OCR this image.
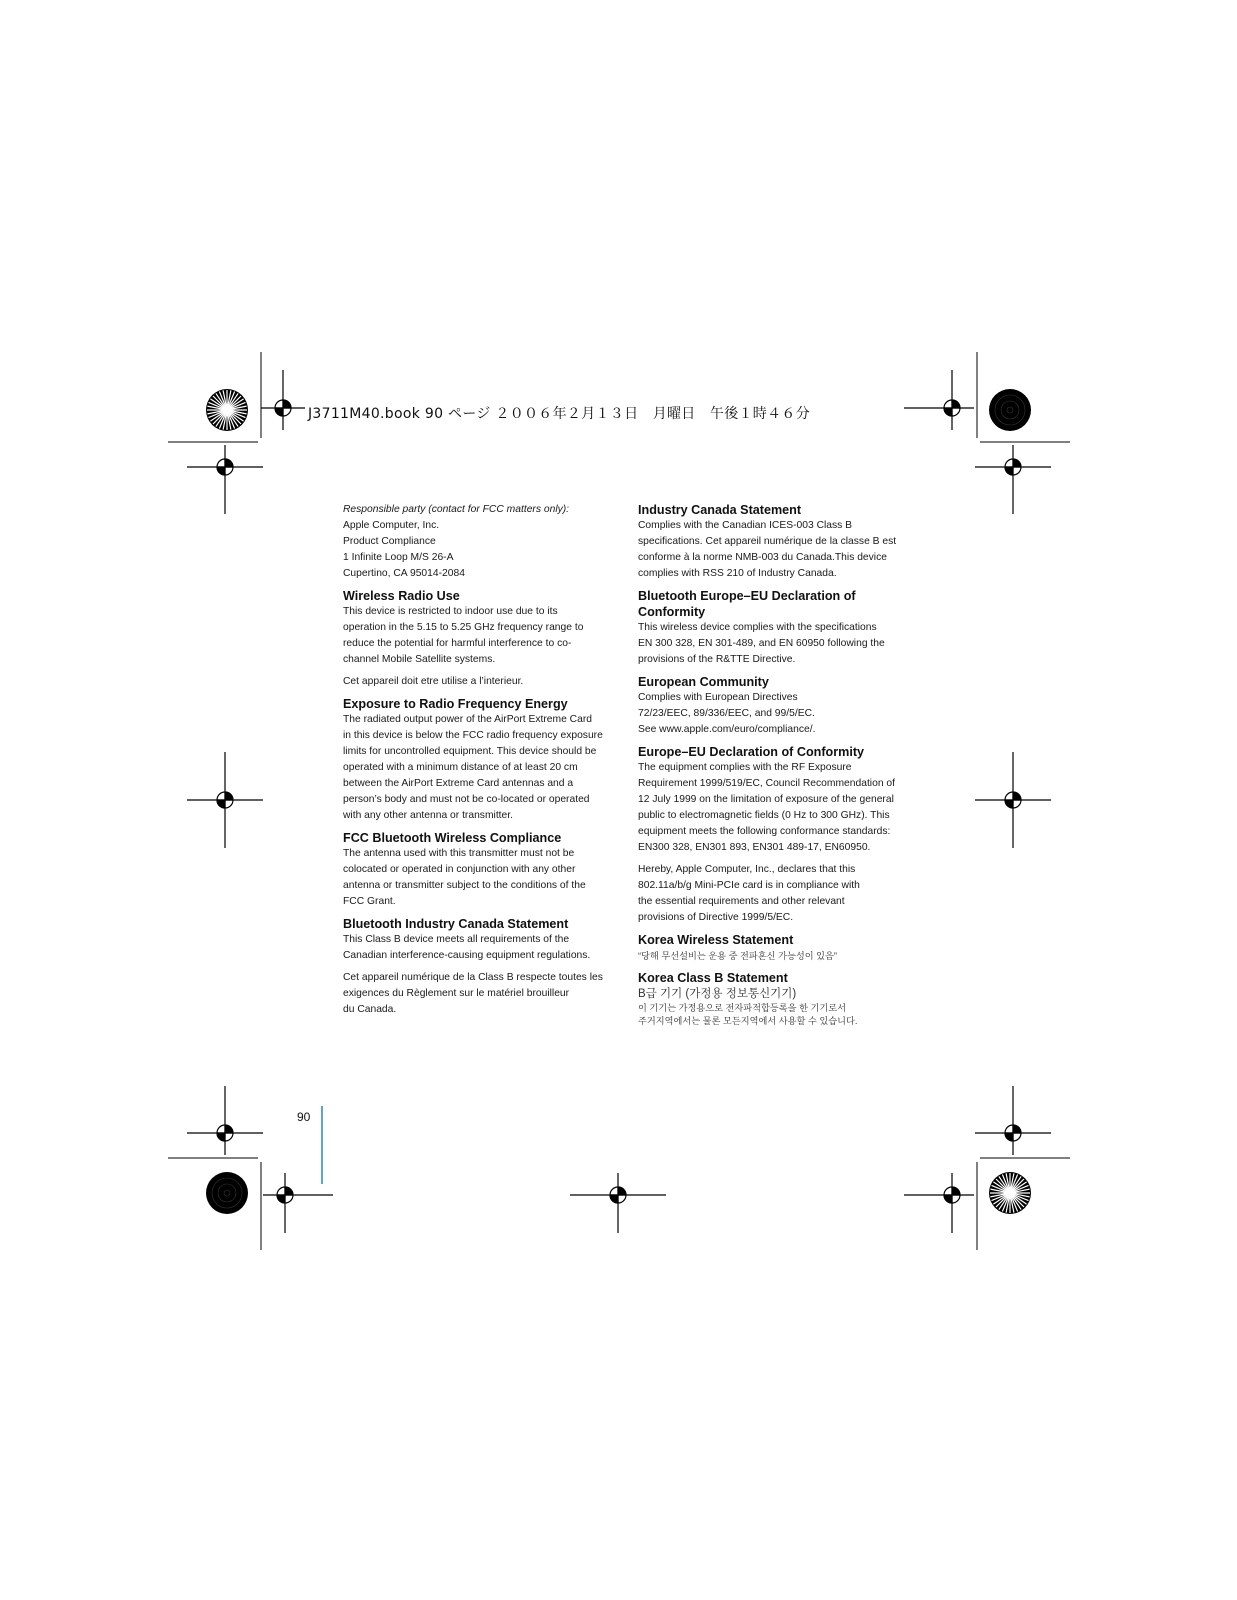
J3711M40.book 90 ページ ２００６年２月１３日　月曜日　午後１時４６分

Responsible party (contact for FCC matters only):

Apple Computer, Inc.

Product Compliance

1 Infinite Loop M/S 26-A

Cupertino, CA 95014-2084

Wireless Radio Use

This device is restricted to indoor use due to its

operation in the 5.15 to 5.25 GHz frequency range to

reduce the potential for harmful interference to co-

channel Mobile Satellite systems.

Cet appareil doit etre utilise a l’interieur.

Exposure to Radio Frequency Energy

The radiated output power of the AirPort Extreme Card

in this device is below the FCC radio frequency exposure

limits for uncontrolled equipment. This device should be

operated with a minimum distance of at least 20 cm

between the AirPort Extreme Card antennas and a

person’s body and must not be co-located or operated

with any other antenna or transmitter.

FCC Bluetooth Wireless Compliance

The antenna used with this transmitter must not be

colocated or operated in conjunction with any other

antenna or transmitter subject to the conditions of the

FCC Grant.

Bluetooth Industry Canada Statement

This Class B device meets all requirements of the

Canadian interference-causing equipment regulations.

Cet appareil numérique de la Class B respecte toutes les

exigences du Règlement sur le matériel brouilleur

du Canada.

Industry Canada Statement

Complies with the Canadian ICES-003 Class B

specifications. Cet appareil numérique de la classe B est

conforme à la norme NMB-003 du Canada.This device

complies with RSS 210 of Industry Canada.

Bluetooth Europe–EU Declaration of

Conformity

This wireless device complies with the specifications

EN 300 328, EN 301-489, and EN 60950 following the

provisions of the R&TTE Directive.

European Community

Complies with European Directives

72/23/EEC, 89/336/EEC, and 99/5/EC.

See www.apple.com/euro/compliance/.

Europe–EU Declaration of Conformity

The equipment complies with the RF Exposure

Requirement 1999/519/EC, Council Recommendation of

12 July 1999 on the limitation of exposure of the general

public to electromagnetic fields (0 Hz to 300 GHz). This

equipment meets the following conformance standards:

EN300 328, EN301 893, EN301 489-17, EN60950.

Hereby, Apple Computer, Inc., declares that this

802.11a/b/g Mini-PCIe card is in compliance with

the essential requirements and other relevant

provisions of Directive 1999/5/EC.

Korea Wireless Statement

“당해 무선설비는 운용 중 전파혼신 가능성이 있음”

Korea Class B Statement

B급 기기 (가정용 정보통신기기)

이 기기는 가정용으로 전자파적합등록을 한 기기로서

주거지역에서는 물론 모든지역에서 사용할 수 있습니다.

90
